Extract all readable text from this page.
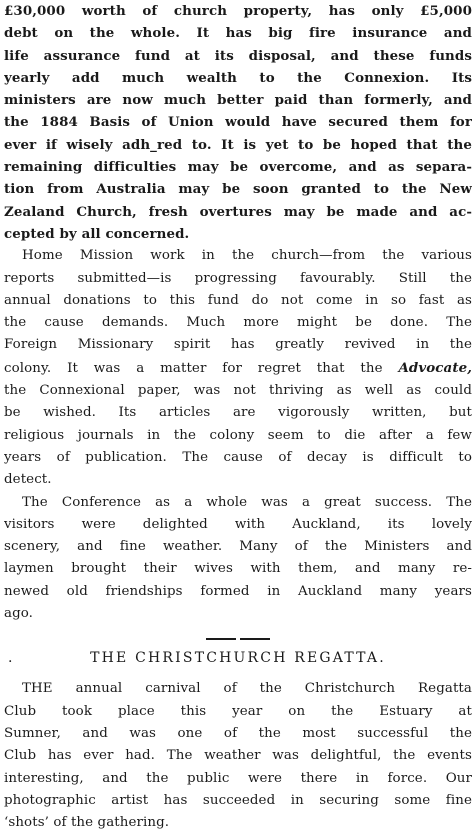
£30,000 worth of church property, has only £5,000
debt on the whole. It has big fire insurance and
life assurance fund at its disposal, and these funds
yearly add much wealth to the Connexion. Its
ministers are now much better paid than formerly, and
the 1884 Basis of Union would have secured them for
ever if wisely adh_red to. It is yet to be hoped that the
remaining difficulties may be overcome, and as separa-
tion from Australia may be soon granted to the New
Zealand Church, fresh overtures may be made and ac-
cepted by all concerned.

Home Mission work in the church—from the various
reports submitted—is progressing favourably. Still the
annual donations to this fund do not come in so fast as
the cause demands. Much more might be done. The
Foreign Missionary spirit has greatly revived in the
colony. It was a matter for regret that the Advocate,
the Connexional paper, was not thriving as well as could
be wished. Its articles are vigorously written, but
religious journals in the colony seem to die after a few
years of publication. The cause of decay is difficult to
detect.

The Conference as a whole was a great success. The
visitors were delighted with Auckland, its lovely
scenery, and fine weather. Many of the Ministers and
laymen brought their wives with them, and many re-
newed old friendships formed in Auckland many years
ago.

.	THE CHRISTCHURCH REGATTA.

THE annual carnival of the Christchurch Regatta
Club took place this year on the Estuary at
Sumner, and was one of the most successful the
Club has ever had. The weather was delightful, the events
interesting, and the public were there in force. Our
photographic artist has succeeded in securing some fine
‘shots’ of the gathering.
